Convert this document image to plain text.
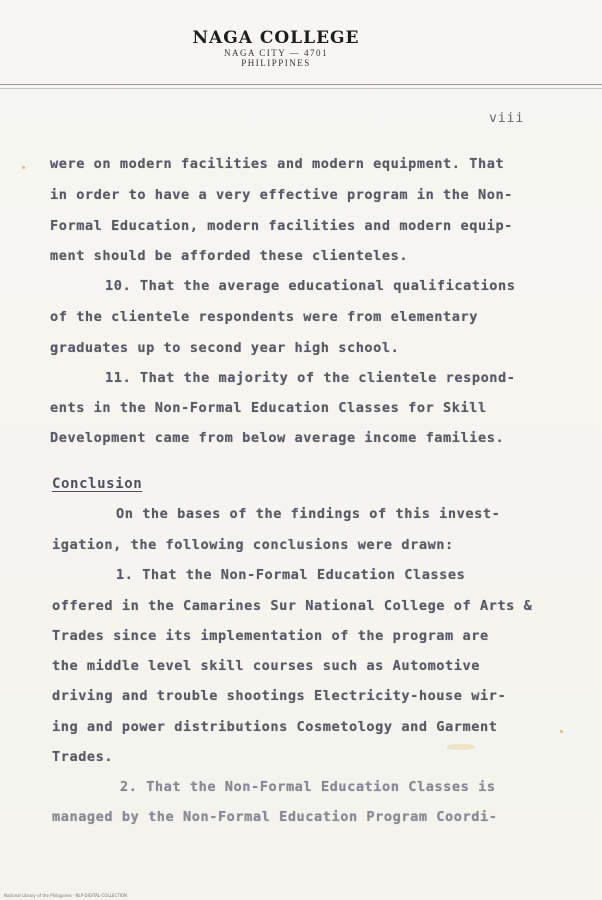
NAGA COLLEGE
NAGA CITY — 4701
PHILIPPINES
viii
were on modern facilities and modern equipment. That
in order to have a very effective program in the Non-
Formal Education, modern facilities and modern equip-
ment should be afforded these clienteles.
10. That the average educational qualifications
of the clientele respondents were from elementary
graduates up to second year high school.
11. That the majority of the clientele respond-
ents in the Non-Formal Education Classes for Skill
Development came from below average income families.
Conclusion
On the bases of the findings of this invest-
igation, the following conclusions were drawn:
1. That the Non-Formal Education Classes
offered in the Camarines Sur National College of Arts &
Trades since its implementation of the program are
the middle level skill courses such as Automotive
driving and trouble shootings Electricity-house wir-
ing and power distributions Cosmetology and Garment
Trades.
2. That the Non-Formal Education Classes is
managed by the Non-Formal Education Program Coordi-
National Library of the Philippines · NLP-DIGITAL-COLLECTION
